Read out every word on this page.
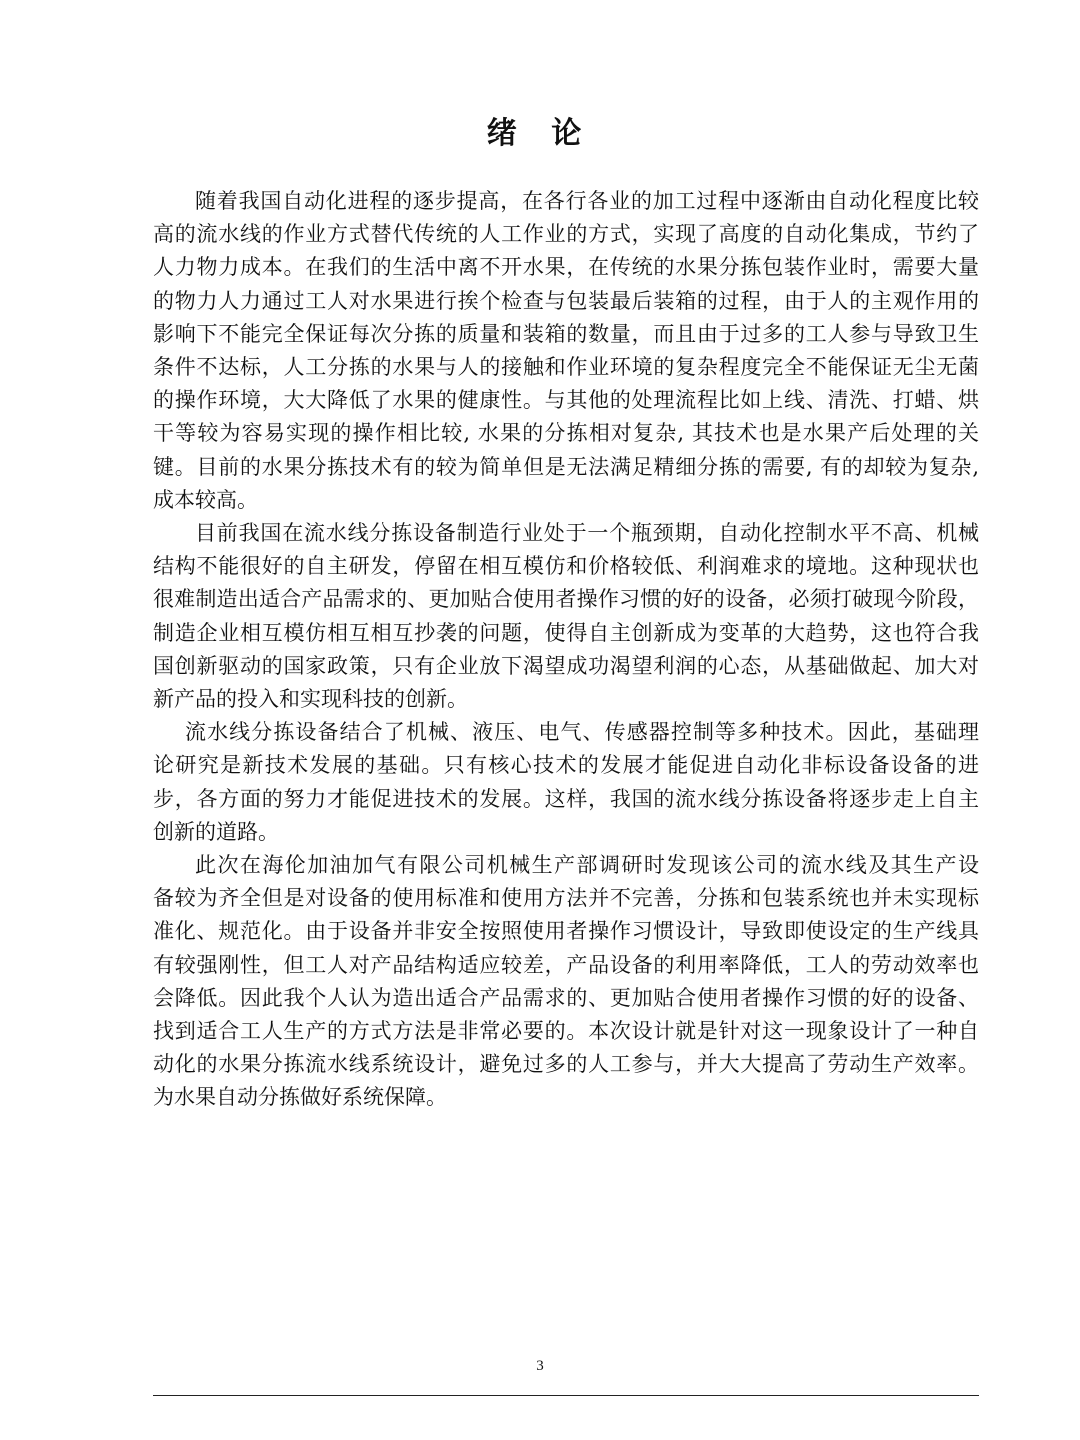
绪 论

随着我国自动化进程的逐步提高，在各行各业的加工过程中逐渐由自动化程度比较
高的流水线的作业方式替代传统的人工作业的方式，实现了高度的自动化集成，节约了
人力物力成本。在我们的生活中离不开水果，在传统的水果分拣包装作业时，需要大量
的物力人力通过工人对水果进行挨个检查与包装最后装箱的过程，由于人的主观作用的
影响下不能完全保证每次分拣的质量和装箱的数量，而且由于过多的工人参与导致卫生
条件不达标，人工分拣的水果与人的接触和作业环境的复杂程度完全不能保证无尘无菌
的操作环境，大大降低了水果的健康性。与其他的处理流程比如上线、清洗、打蜡、烘
干等较为容易实现的操作相比较, 水果的分拣相对复杂, 其技术也是水果产后处理的关
键。目前的水果分拣技术有的较为简单但是无法满足精细分拣的需要, 有的却较为复杂,
成本较高。

目前我国在流水线分拣设备制造行业处于一个瓶颈期，自动化控制水平不高、机械
结构不能很好的自主研发，停留在相互模仿和价格较低、利润难求的境地。这种现状也
很难制造出适合产品需求的、更加贴合使用者操作习惯的好的设备，必须打破现今阶段，
制造企业相互模仿相互相互抄袭的问题，使得自主创新成为变革的大趋势，这也符合我
国创新驱动的国家政策，只有企业放下渴望成功渴望利润的心态，从基础做起、加大对
新产品的投入和实现科技的创新。

流水线分拣设备结合了机械、液压、电气、传感器控制等多种技术。因此，基础理
论研究是新技术发展的基础。只有核心技术的发展才能促进自动化非标设备设备的进
步，各方面的努力才能促进技术的发展。这样，我国的流水线分拣设备将逐步走上自主
创新的道路。

此次在海伦加油加气有限公司机械生产部调研时发现该公司的流水线及其生产设
备较为齐全但是对设备的使用标准和使用方法并不完善，分拣和包装系统也并未实现标
准化、规范化。由于设备并非安全按照使用者操作习惯设计，导致即使设定的生产线具
有较强刚性，但工人对产品结构适应较差，产品设备的利用率降低，工人的劳动效率也
会降低。因此我个人认为造出适合产品需求的、更加贴合使用者操作习惯的好的设备、
找到适合工人生产的方式方法是非常必要的。本次设计就是针对这一现象设计了一种自
动化的水果分拣流水线系统设计，避免过多的人工参与，并大大提高了劳动生产效率。
为水果自动分拣做好系统保障。

3
